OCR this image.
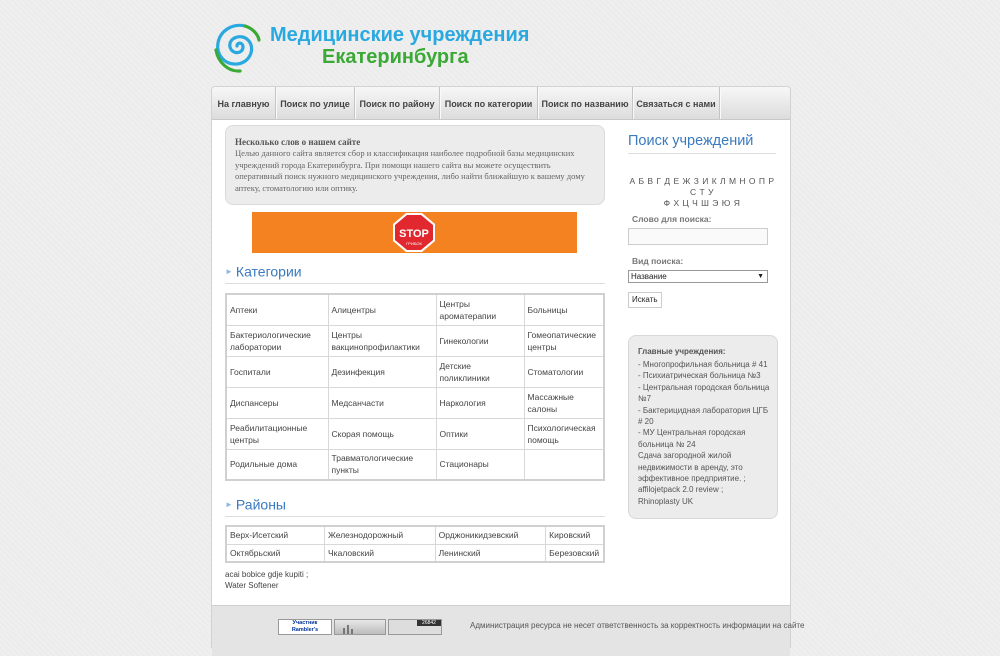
Медицинские учреждения
Екатеринбурга
На главную	Поиск по улице	Поиск по району	Поиск по категории	Поиск по названию Связаться с нами
Несколько слов о нашем сайте
Целью данного сайта является сбор и классификация наиболее подробной базы медицинских учреждений города Екатеринбурга. При помощи нашего сайта вы можете осуществить оперативный поиск нужного медицинского учреждения, либо найти ближайшую к вашему дому аптеку, стоматологию или оптику.
STOP
ГРИБОК
► Категории
Аптеки	Алицентры	Центры ароматерапии	Больницы
Бактериологические лаборатории	Центры вакцинопрофилактики	Гинекологии	Гомеопатические центры
Госпитали	Дезинфекция	Детские поликлиники	Стоматологии
Диспансеры	Медсанчасти	Наркология	Массажные салоны
Реабилитационные центры	Скорая помощь	Оптики	Психологическая помощь
Родильные дома	Травматологические пункты	Стационары	
► Районы
Верх-Исетский	Железнодорожный	Орджоникидзевский	Кировский
Октябрьский	Чкаловский	Ленинский	Березовский
acai bobice gdje kupiti ;
Water Softener
Поиск учреждений
А Б В Г Д Е Ж З И К Л М Н О П Р С Т У
Ф Х Ц Ч Ш Э Ю Я
Слово для поиска:
Вид поиска:
Название	▼
Искать
Главные учреждения:
- Многопрофильная больница # 41
- Психиатрическая больница №3
- Центральная городская больница №7
- Бактерицидная лаборатория ЦГБ # 20
- МУ Центральная городская больница № 24
Сдача загородной жилой недвижимости в аренду, это эффективное предприятие. ;
affilojetpack 2.0 review ;
Rhinoplasty UK
Участник Rambler's
26842	Администрация ресурса не несет ответственность за корректность информации на сайте
